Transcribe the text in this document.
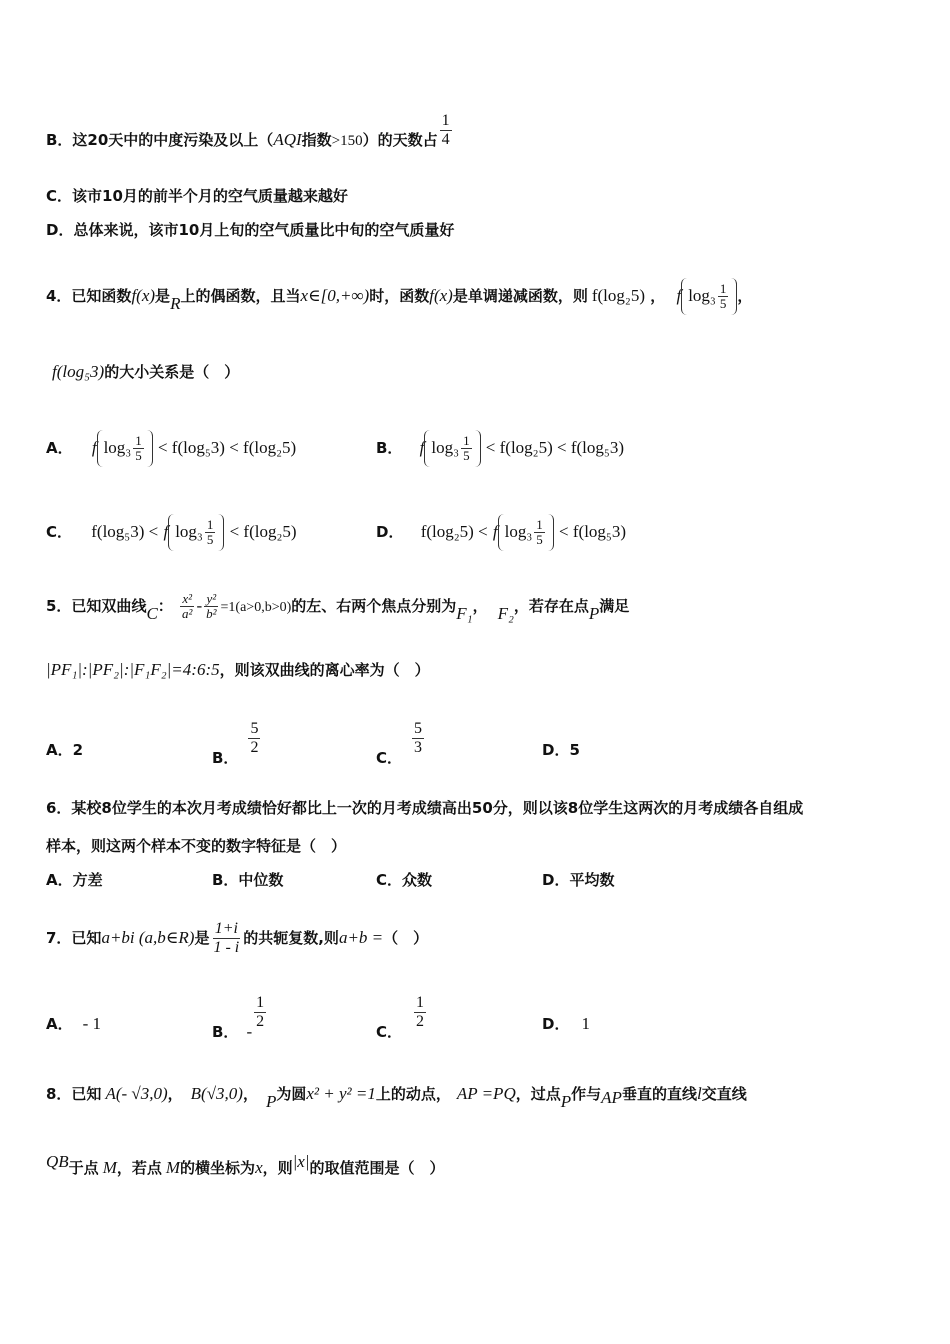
B．这20天中的中度污染及以上（AQI指数>150）的天数占 $\frac{1}{4}$
C．该市10月的前半个月的空气质量越来越好
D．总体来说，该市10月上旬的空气质量比中旬的空气质量好
4．已知函数f(x)是R上的偶函数，且当x∈[0,+∞)时，函数f(x)是单调递减函数，则 f(log₂5) ， f $\log_3 \frac{1}{5}$ ，
f(log₅3)的大小关系是（　）
A． f $\log_3 \frac{1}{5} < f(\log_53) < f(\log_25)$	B． f $\log_3 \frac{1}{5} < f(\log_25) < f(\log_53)$
C． f(log₅3) < f $\log_3 \frac{1}{5} < f(\log_25)$	D． f(log₂5) < f $\log_3 \frac{1}{5} < f(\log_53)$
5．已知双曲线C： $\frac{\text{x²}}{\text{a²}} - \frac{\text{y²}}{\text{b²}} =1(a>0,b>0)$的左、右两个焦点分别为F₁， F₂，若存在点P满足
|PF₁|:|PF₂|:|F₁F₂|=4:6:5，则该双曲线的离心率为（　）
A．2	B．
$\frac{5}{2}$
C．
$\frac{5}{3}$	D．5
6．某校8位学生的本次月考成绩恰好都比上一次的月考成绩高出50分，则以该8位学生这两次的月考成绩各自组成
样本，则这两个样本不变的数字特征是（　）
A．方差	B．中位数	C．众数	D．平均数
7．已知a+bi (a,b∈R)是 $\frac{1+i}{1 - i}$ 的共轭复数,则a+b =（　）
A． - 1	B． -
$\frac{1}{2}$
C．
$\frac{1}{2}$	D． 1
8．已知 A(- √3,0)， B(√3,0)， P为圆x² + y² =1上的动点， AP =PQ，过点P作与AP垂直的直线l交直线
QB于点 M，若点 M的横坐标为x，则|x|的取值范围是（　）
